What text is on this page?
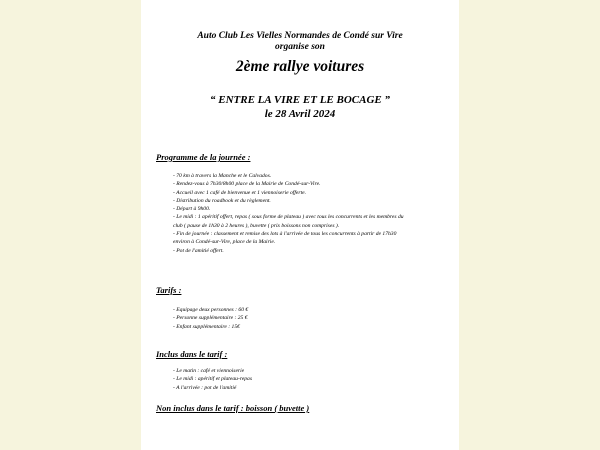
Auto Club Les Vielles Normandes de Condé sur Vire
organise son
2ème rallye voitures
“ ENTRE LA VIRE ET LE BOCAGE ”
le 28 Avril 2024
Programme de la journée :
- 70 km à travers la Manche et le Calvados.
- Rendez-vous à 7h30/8h00 place de la Mairie de Condé-sur-Vire.
- Accueil avec 1 café de bienvenue et 1 viennoiserie offerte.
- Distribution du roadbook et du règlement.
- Départ à 9h00.
- Le midi : 1 apéritif offert, repas ( sous forme de plateau ) avec tous les concurrents et les membres du club ( pause de 1h30 à 2 heures ), buvette ( prix boissons non comprises ).
- Fin de journée : classement et remise des lots à l'arrivée de tous les concurrents à partir de 17h30 environ à Condé-sur-Vire, place de la Mairie.
- Pot de l'amitié offert.
Tarifs :
- Equipage deux personnes : 60 €
- Personne supplémentaire : 25 €
- Enfant supplémentaire : 15€
Inclus dans le tarif :
- Le matin : café et viennoiserie
- Le midi : apéritif et plateau-repas
- A l'arrivée : pot de l'amitié
Non inclus dans le tarif : boisson ( buvette )
